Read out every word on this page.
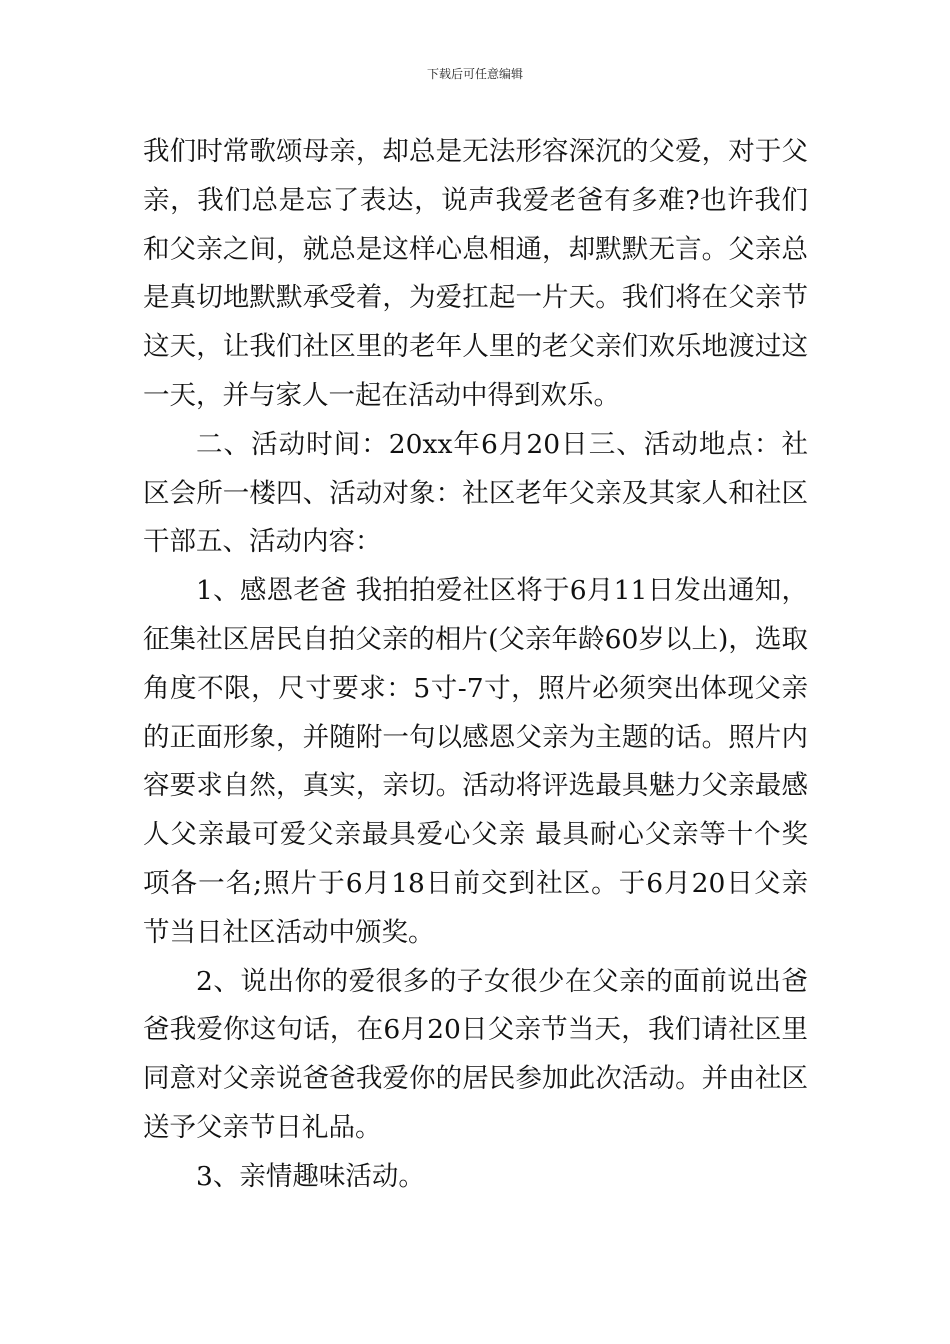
下载后可任意编辑

我们时常歌颂母亲，却总是无法形容深沉的父爱，对于父亲，我们总是忘了表达，说声我爱老爸有多难?也许我们和父亲之间，就总是这样心息相通，却默默无言。父亲总是真切地默默承受着，为爱扛起一片天。我们将在父亲节这天，让我们社区里的老年人里的老父亲们欢乐地渡过这一天，并与家人一起在活动中得到欢乐。

二、活动时间：20xx年6月20日三、活动地点：社区会所一楼四、活动对象：社区老年父亲及其家人和社区干部五、活动内容：

1、感恩老爸 我拍拍爱社区将于6月11日发出通知，征集社区居民自拍父亲的相片(父亲年龄60岁以上)，选取角度不限，尺寸要求：5寸-7寸，照片必须突出体现父亲的正面形象，并随附一句以感恩父亲为主题的话。照片内容要求自然，真实，亲切。活动将评选最具魅力父亲最感人父亲最可爱父亲最具爱心父亲 最具耐心父亲等十个奖项各一名;照片于6月18日前交到社区。于6月20日父亲节当日社区活动中颁奖。

2、说出你的爱很多的子女很少在父亲的面前说出爸爸我爱你这句话，在6月20日父亲节当天，我们请社区里同意对父亲说爸爸我爱你的居民参加此次活动。并由社区送予父亲节日礼品。

3、亲情趣味活动。
